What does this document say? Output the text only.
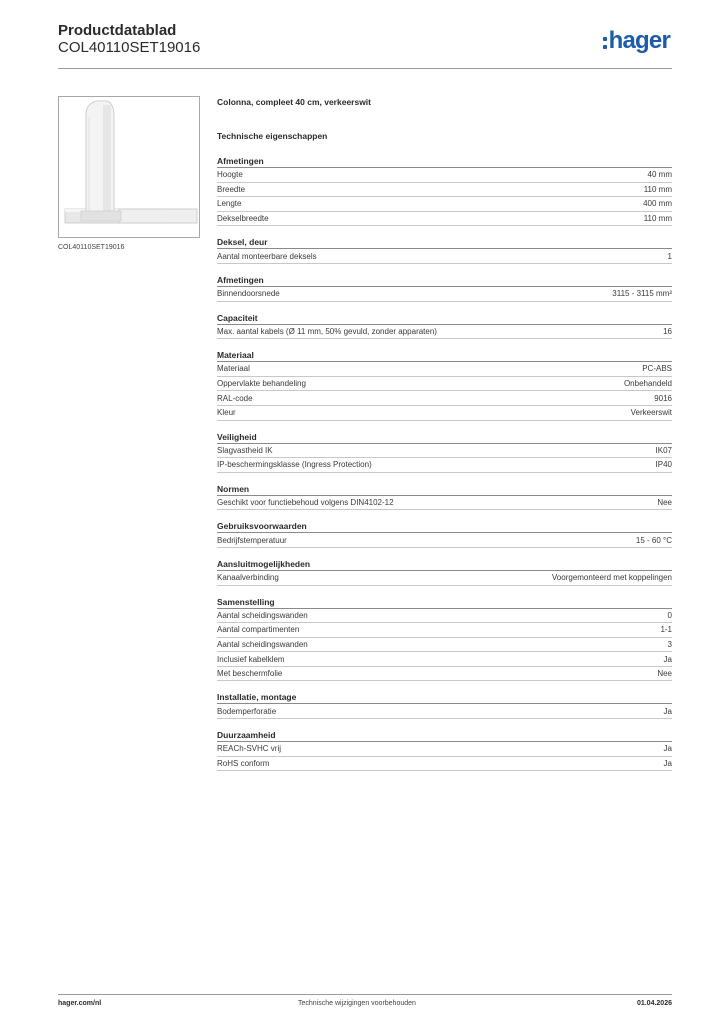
Productdatablad
COL40110SET19016	hager
COL40110SET19016
Colonna, compleet 40 cm, verkeerswit
Technische eigenschappen
Afmetingen
Hoogte	40 mm
Breedte	110 mm
Lengte	400 mm
Dekselbreedte	110 mm
Deksel, deur
Aantal monteerbare deksels	1
Afmetingen
Binnendoorsnede	3115 - 3115 mm²
Capaciteit
Max. aantal kabels (Ø 11 mm, 50% gevuld, zonder apparaten)	16
Materiaal
Materiaal	PC-ABS
Oppervlakte behandeling	Onbehandeld
RAL-code	9016
Kleur	Verkeerswit
Veiligheid
Slagvastheid IK	IK07
IP-beschermingsklasse (Ingress Protection)	IP40
Normen
Geschikt voor functiebehoud volgens DIN4102-12	Nee
Gebruiksvoorwaarden
Bedrijfstemperatuur	15 - 60 °C
Aansluitmogelijkheden
Kanaalverbinding	Voorgemonteerd met koppelingen
Samenstelling
Aantal scheidingswanden	0
Aantal compartimenten	1-1
Aantal scheidingswanden	3
Inclusief kabelklem	Ja
Met beschermfolie	Nee
Installatie, montage
Bodemperforatie	Ja
Duurzaamheid
REACh-SVHC vrij	Ja
RoHS conform	Ja
hager.com/nl	Technische wijzigingen voorbehouden	01.04.2026
